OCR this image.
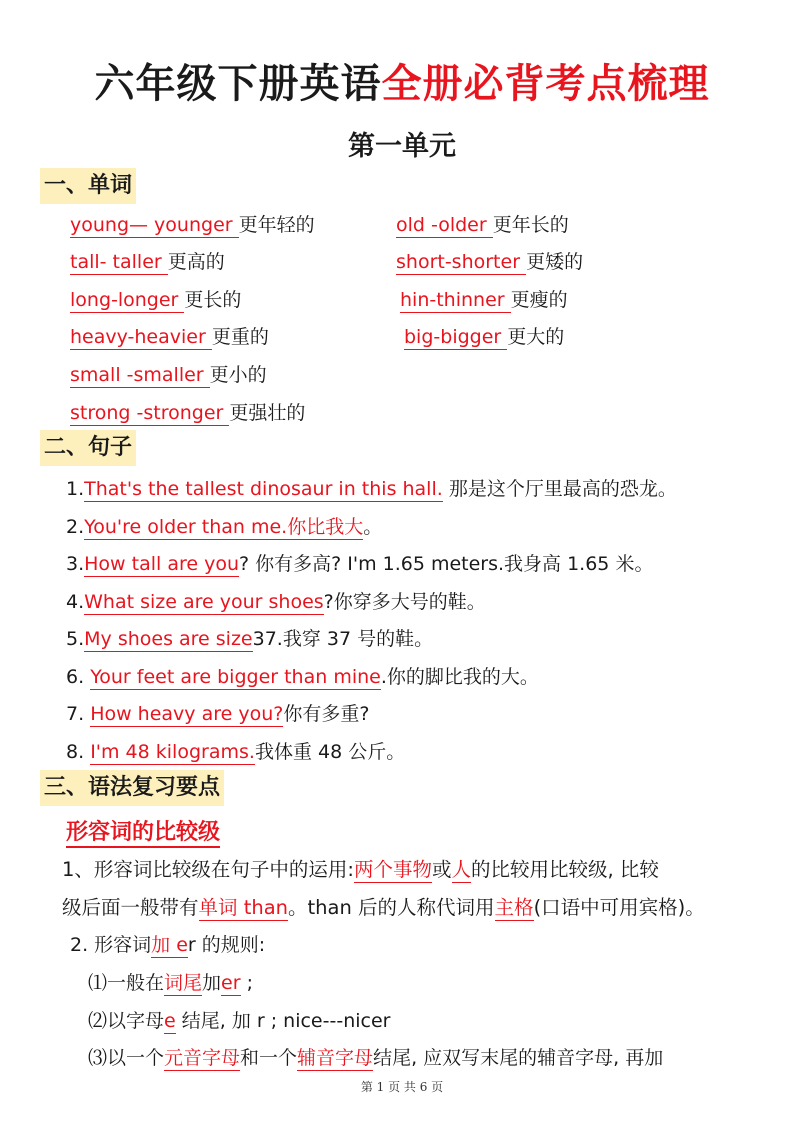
六年级下册英语全册必背考点梳理
第一单元
一、单词
young— younger 更年轻的	old -older 更年长的
tall- taller 更高的	short-shorter 更矮的
long-longer 更长的	hin-thinner 更瘦的
heavy-heavier 更重的	big-bigger 更大的
small -smaller 更小的
strong -stronger 更强壮的
二、句子
1.That's the tallest dinosaur in this hall. 那是这个厅里最高的恐龙。
2.You're older than me.你比我大。
3.How tall are you? 你有多高? I'm 1.65 meters.我身高 1.65 米。
4.What size are your shoes?你穿多大号的鞋。
5.My shoes are size37.我穿 37 号的鞋。
6. Your feet are bigger than mine.你的脚比我的大。
7. How heavy are you?你有多重?
8. I'm 48 kilograms.我体重 48 公斤。
三、语法复习要点
形容词的比较级
1、形容词比较级在句子中的运用:两个事物或人的比较用比较级, 比较
级后面一般带有单词 than。than 后的人称代词用主格(口语中可用宾格)。
2. 形容词加 er 的规则:
⑴一般在词尾加er ;
⑵以字母e 结尾, 加 r ; nice---nicer
⑶以一个元音字母和一个辅音字母结尾, 应双写末尾的辅音字母, 再加
第 1 页 共 6 页
